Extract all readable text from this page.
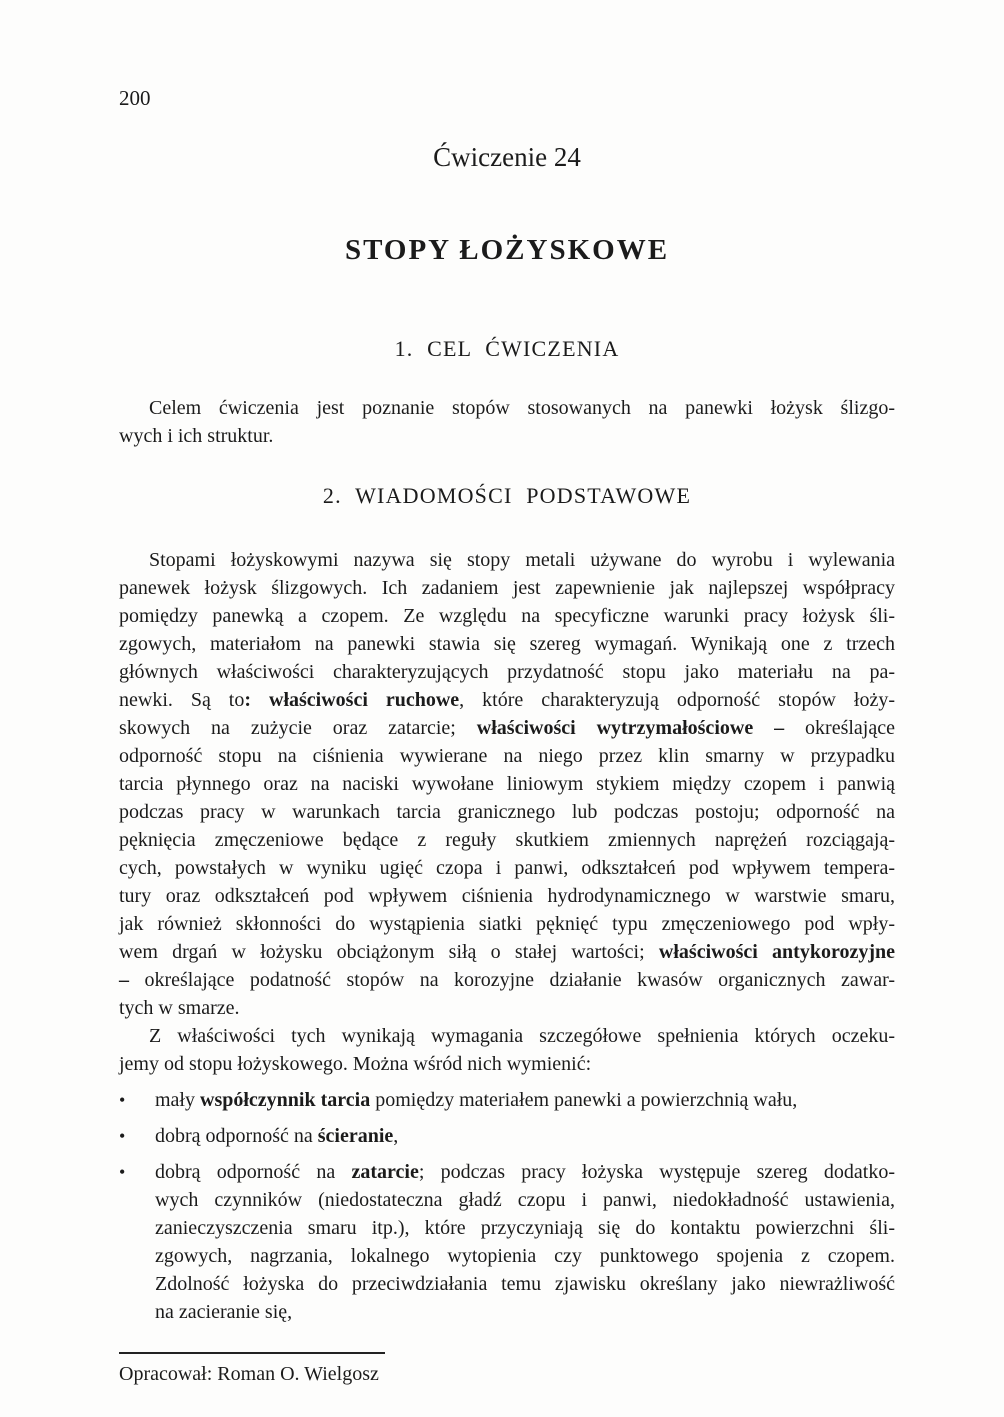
200
Ćwiczenie 24
STOPY ŁOŻYSKOWE
1. CEL ĆWICZENIA
Celem ćwiczenia jest poznanie stopów stosowanych na panewki łożysk ślizgo-
wych i ich struktur.
2. WIADOMOŚCI PODSTAWOWE
Stopami łożyskowymi nazywa się stopy metali używane do wyrobu i wylewania
panewek łożysk ślizgowych. Ich zadaniem jest zapewnienie jak najlepszej współpracy
pomiędzy panewką a czopem. Ze względu na specyficzne warunki pracy łożysk śli-
zgowych, materiałom na panewki stawia się szereg wymagań. Wynikają one z trzech
głównych właściwości charakteryzujących przydatność stopu jako materiału na pa-
newki. Są to: właściwości ruchowe, które charakteryzują odporność stopów łoży-
skowych na zużycie oraz zatarcie; właściwości wytrzymałościowe – określające
odporność stopu na ciśnienia wywierane na niego przez klin smarny w przypadku
tarcia płynnego oraz na naciski wywołane liniowym stykiem między czopem i panwią
podczas pracy w warunkach tarcia granicznego lub podczas postoju; odporność na
pęknięcia zmęczeniowe będące z reguły skutkiem zmiennych naprężeń rozciągają-
cych, powstałych w wyniku ugięć czopa i panwi, odkształceń pod wpływem tempera-
tury oraz odkształceń pod wpływem ciśnienia hydrodynamicznego w warstwie smaru,
jak również skłonności do wystąpienia siatki pęknięć typu zmęczeniowego pod wpły-
wem drgań w łożysku obciążonym siłą o stałej wartości; właściwości antykorozyjne
– określające podatność stopów na korozyjne działanie kwasów organicznych zawar-
tych w smarze.
Z właściwości tych wynikają wymagania szczegółowe spełnienia których oczeku-
jemy od stopu łożyskowego. Można wśród nich wymienić:
•	mały współczynnik tarcia pomiędzy materiałem panewki a powierzchnią wału,
•	dobrą odporność na ścieranie,
•	dobrą odporność na zatarcie; podczas pracy łożyska występuje szereg dodatko-
wych czynników (niedostateczna gładź czopu i panwi, niedokładność ustawienia,
zanieczyszczenia smaru itp.), które przyczyniają się do kontaktu powierzchni śli-
zgowych, nagrzania, lokalnego wytopienia czy punktowego spojenia z czopem.
Zdolność łożyska do przeciwdziałania temu zjawisku określany jako niewrażliwość
na zacieranie się,
Opracował: Roman O. Wielgosz
